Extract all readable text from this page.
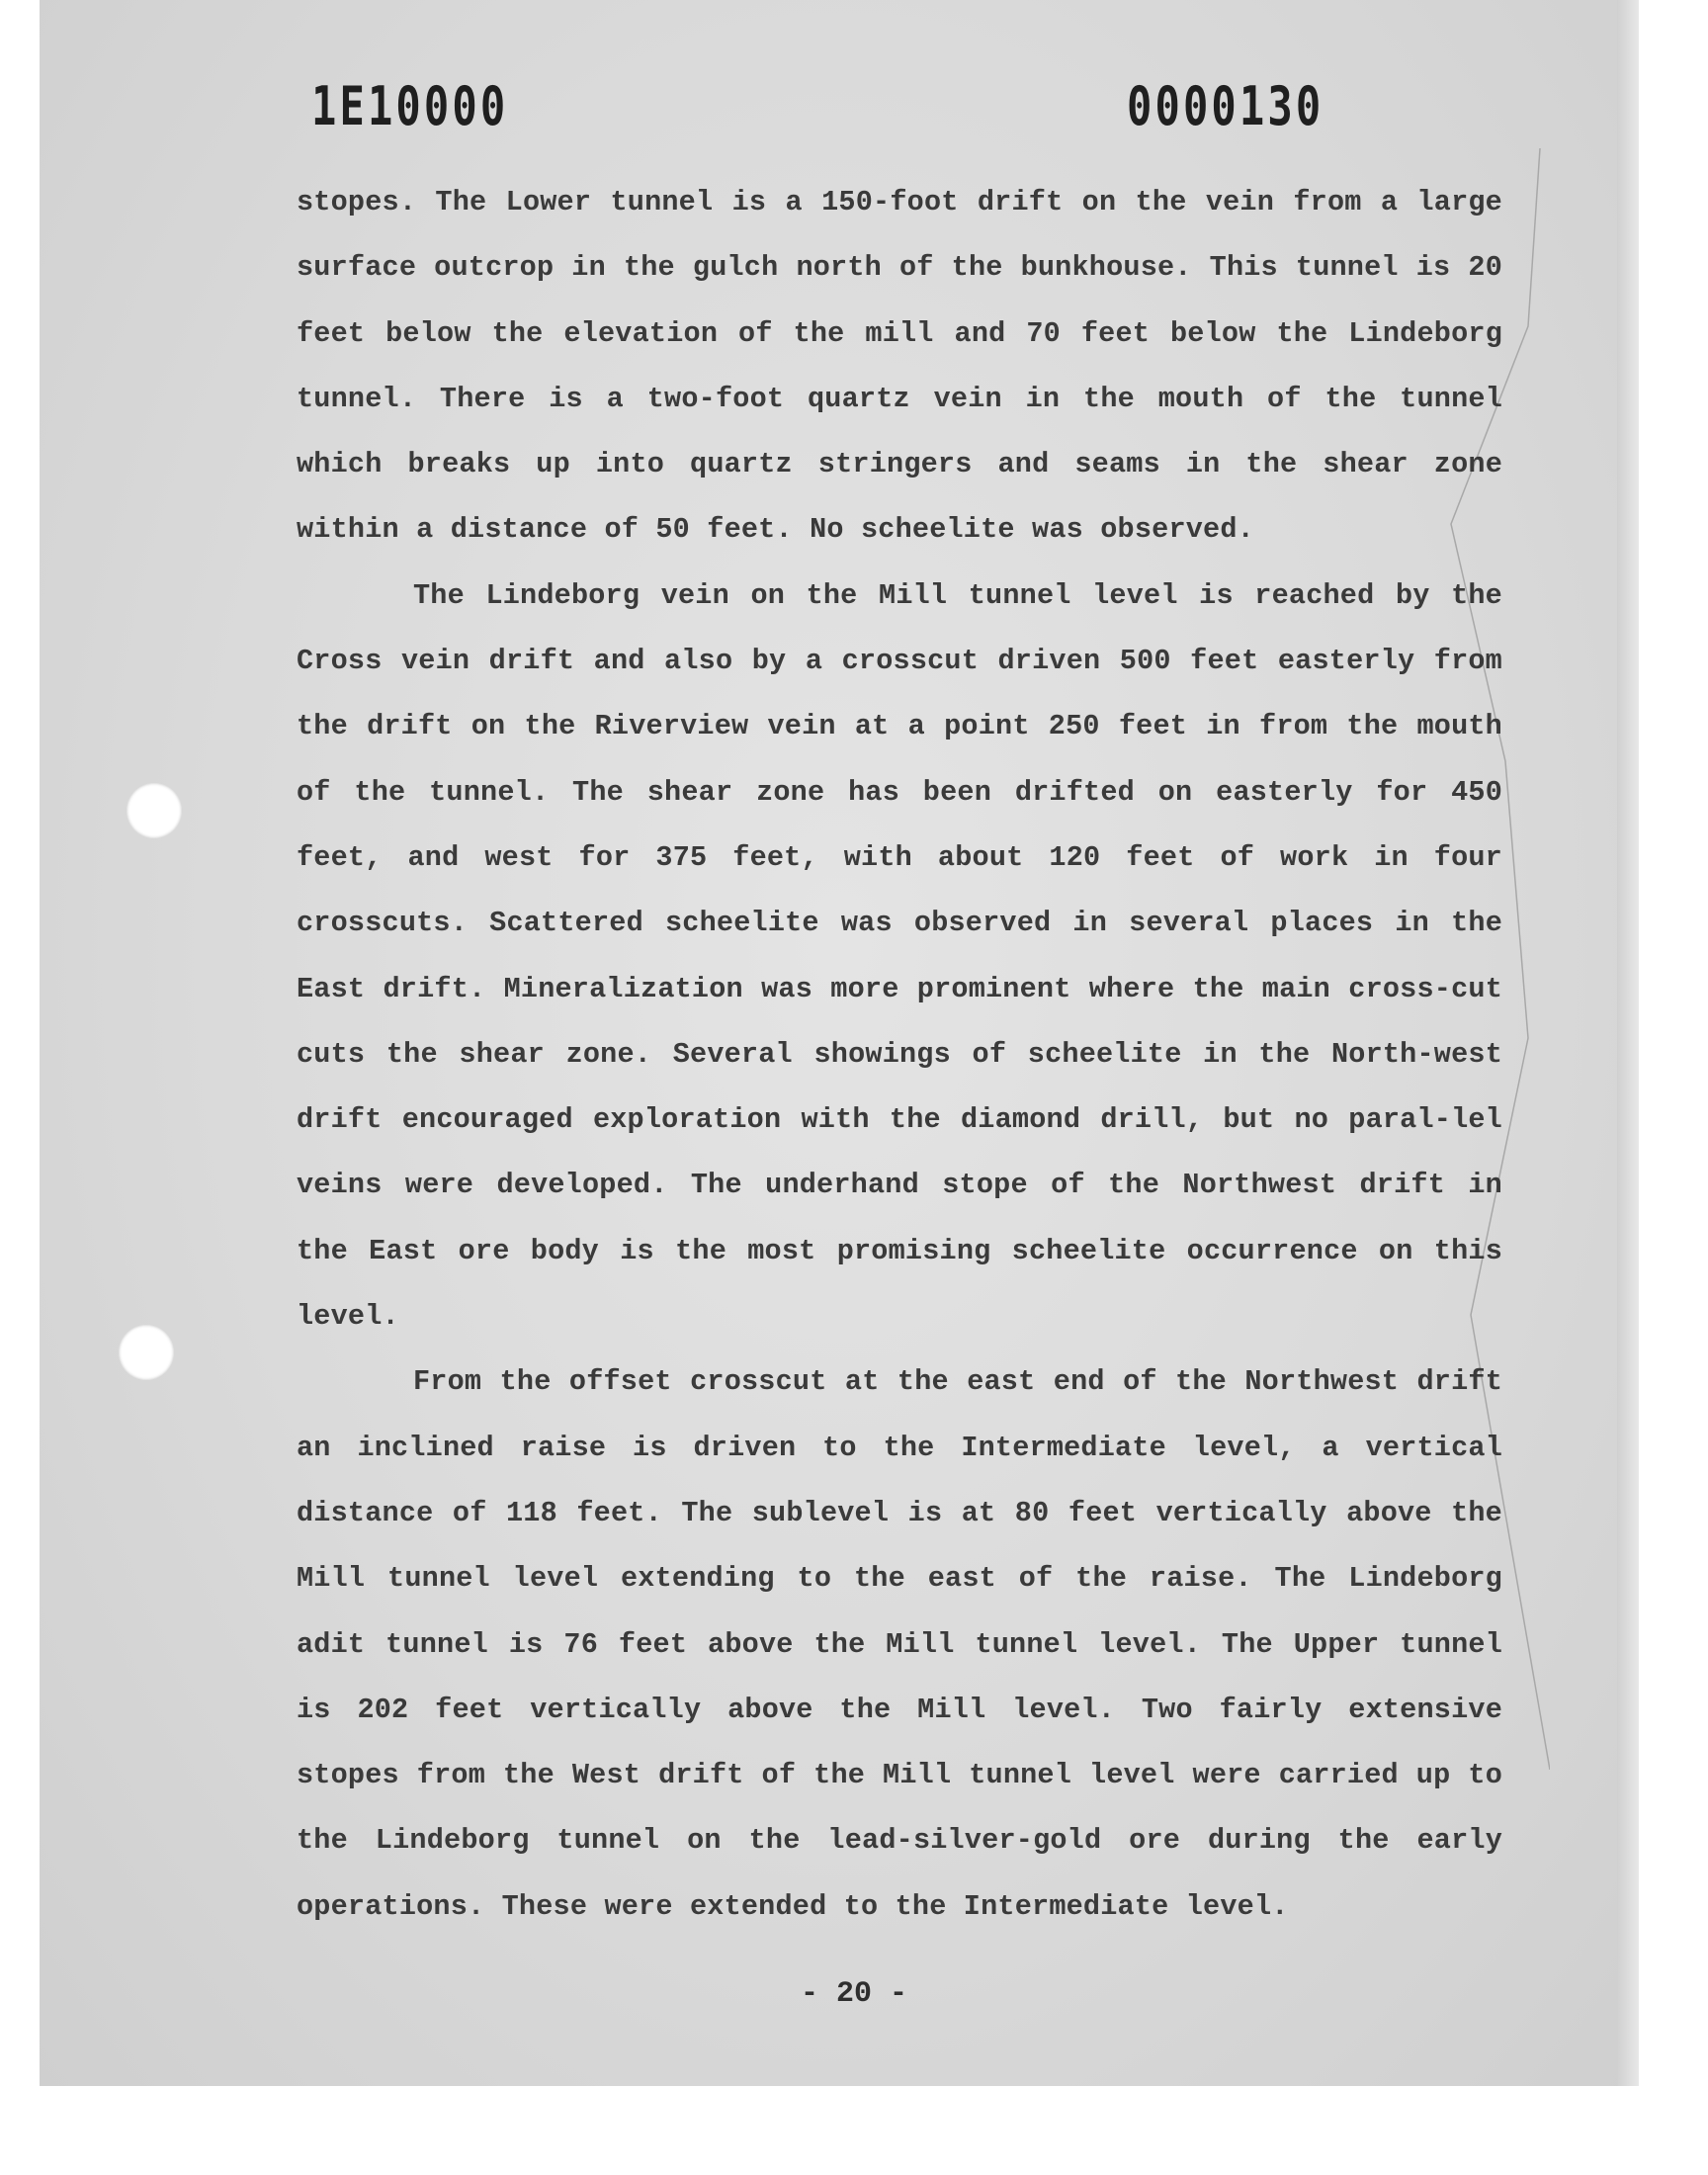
1E10000	0000130

stopes. The Lower tunnel is a 150-foot drift on the vein from a large surface outcrop in the gulch north of the bunkhouse. This tunnel is 20 feet below the elevation of the mill and 70 feet below the Lindeborg tunnel. There is a two-foot quartz vein in the mouth of the tunnel which breaks up into quartz stringers and seams in the shear zone within a distance of 50 feet. No scheelite was observed.

The Lindeborg vein on the Mill tunnel level is reached by the Cross vein drift and also by a crosscut driven 500 feet easterly from the drift on the Riverview vein at a point 250 feet in from the mouth of the tunnel. The shear zone has been drifted on easterly for 450 feet, and west for 375 feet, with about 120 feet of work in four crosscuts. Scattered scheelite was observed in several places in the East drift. Mineralization was more prominent where the main cross-cut cuts the shear zone. Several showings of scheelite in the North-west drift encouraged exploration with the diamond drill, but no paral-lel veins were developed. The underhand stope of the Northwest drift in the East ore body is the most promising scheelite occurrence on this level.

From the offset crosscut at the east end of the Northwest drift an inclined raise is driven to the Intermediate level, a vertical distance of 118 feet. The sublevel is at 80 feet vertically above the Mill tunnel level extending to the east of the raise. The Lindeborg adit tunnel is 76 feet above the Mill tunnel level. The Upper tunnel is 202 feet vertically above the Mill level. Two fairly extensive stopes from the West drift of the Mill tunnel level were carried up to the Lindeborg tunnel on the lead-silver-gold ore during the early operations. These were extended to the Intermediate level.

- 20 -
